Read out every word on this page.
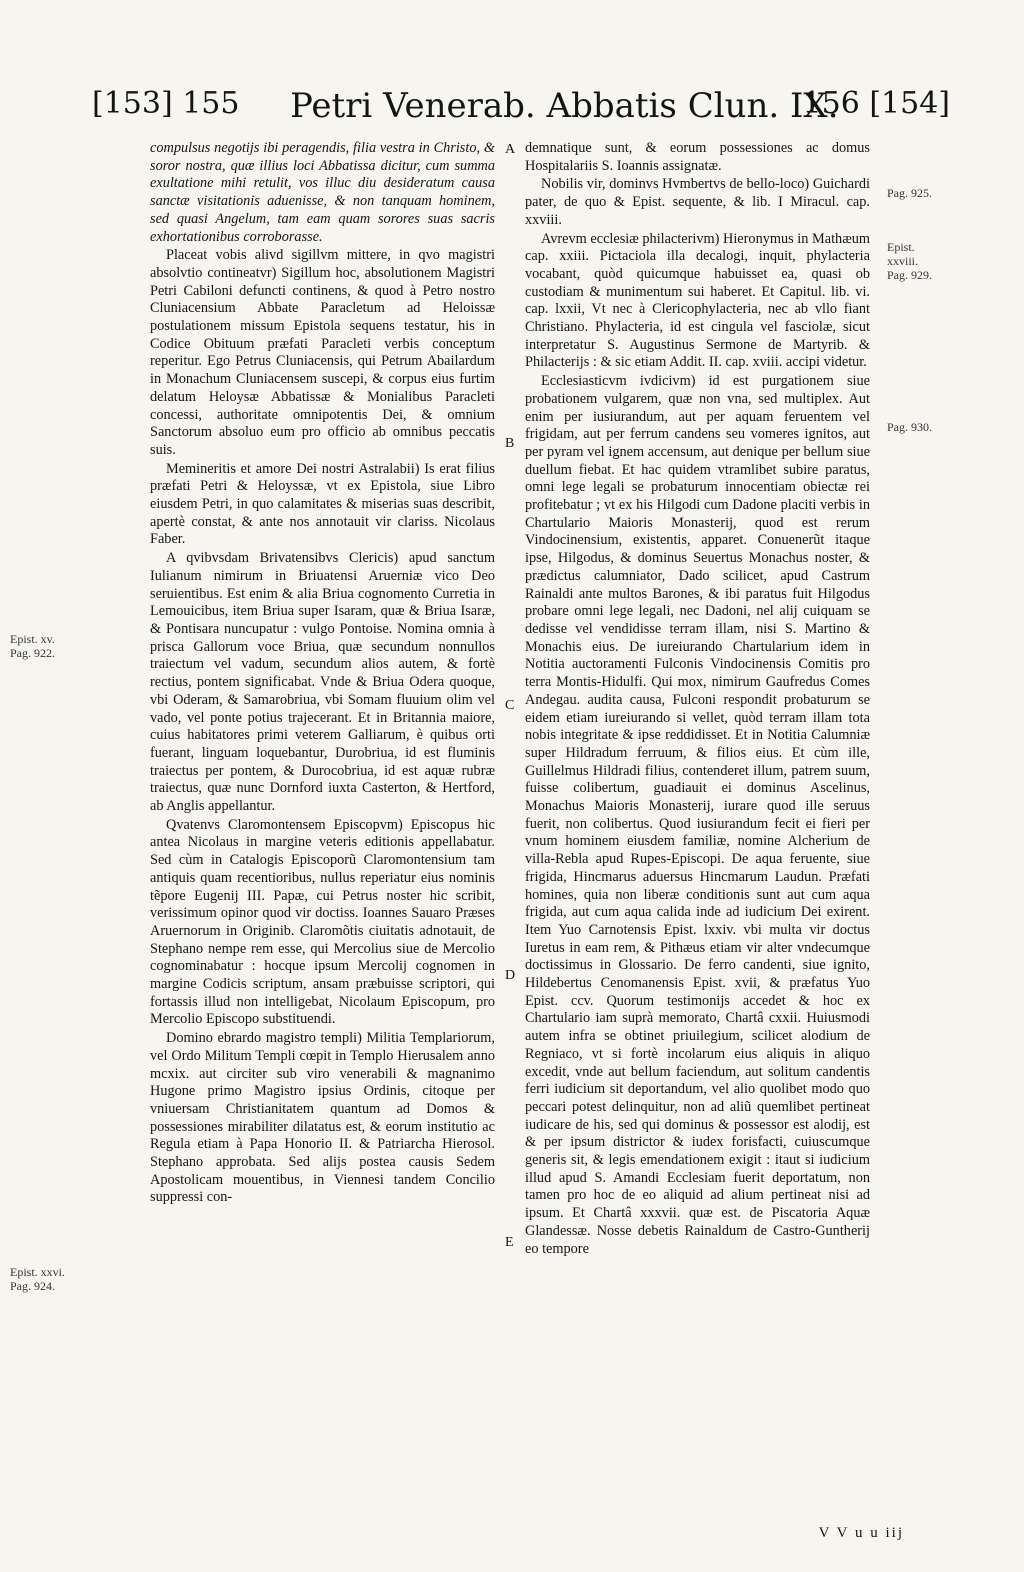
[153] 155 Petri Venerab. Abbatis Clun. IX.
156 [154]

compulsus negotijs ibi peragendis, filia vestra in Christo, & soror nostra, quæ illius loci Abbatissa dicitur, cum summa exultatione mihi retulit, vos illuc diu desideratum causa sanctæ visitationis aduenisse, & non tanquam hominem, sed quasi Angelum, tam eam quam sorores suas sacris exhortationibus corroborasse.

Placeat vobis alivd sigillvm mittere, in qvo magistri absolvtio continеatvr) Sigillum hoc, absolutionem Magistri Petri Cabiloni defuncti continens, & quod à Petro nostro Cluniacensium Abbate Paracletum ad Heloissæ postulationem missum Epistola sequens testatur, his in Codice Obituum præfati Paracleti verbis conceptum reperitur. Ego Petrus Cluniacensis, qui Petrum Abailardum in Monachum Cluniacensem suscepi, & corpus eius furtim delatum Heloysæ Abbatissæ & Monialibus Paracleti concessi, authoritate omnipotentis Dei, & omnium Sanctorum absoluo eum pro officio ab omnibus peccatis suis.

Memineritis et amore Dei nostri Astralabii) Is erat filius præfati Petri & Heloyssæ, vt ex Epistola, siue Libro eiusdem Petri, in quo calamitates & miserias suas describit, apertè constat, & ante nos annotauit vir clariss. Nicolaus Faber.

A qvibvsdam Brivatensibvs Clericis) apud sanctum Iulianum nimirum in Briuatensi Aruerniæ vico Deo seruientibus. Est enim & alia Briua cognomento Curretia in Lemouicibus, item Briua super Isaram, quæ & Briua Isaræ, & Pontisara nuncupatur : vulgo Pontoise. Nomina omnia à prisca Gallorum voce Briua, quæ secundum nonnullos traiectum vel vadum, secundum alios autem, & fortè rectius, pontem significabat. Vnde & Briua Odera quoque, vbi Oderam, & Samarobriua, vbi Somam fluuium olim vel vado, vel ponte potius trajecerant. Et in Britannia maiore, cuius habitatores primi veterem Galliarum, è quibus orti fuerant, linguam loquebantur, Durobriua, id est fluminis traiectus per pontem, & Durocobriua, id est aquæ rubræ traiectus, quæ nunc Dornford iuxta Casterton, & Hertford, ab Anglis appellantur.

Qvatenvs Claromontensem Episcopvm) Episcopus hic antea Nicolaus in margine veteris editionis appellabatur. Sed cùm in Catalogis Episcoporũ Claromontensium tam antiquis quam recentioribus, nullus reperiatur eius nominis tẽpore Eugenij III. Papæ, cui Petrus noster hic scribit, verissimum opinor quod vir doctiss. Ioannes Sauaro Præses Aruernorum in Originib. Claromõtis ciuitatis adnotauit, de Stephano nempe rem esse, qui Mercolius siue de Mercolio cognominabatur : hocque ipsum Mercolij cognomen in margine Codicis scriptum, ansam præbuisse scriptori, qui fortassis illud non intelligebat, Nicolaum Episcopum, pro Mercolio Episcopo substituendi.

Domino ebrardo magistro templi) Militia Templariorum, vel Ordo Militum Templi cœpit in Templo Hierusalem anno mcxix. aut circiter sub viro venerabili & magnanimo Hugone primo Magistro ipsius Ordinis, citoque per vniuersam Christianitatem quantum ad Domos & possessiones mirabiliter dilatatus est, & eorum institutio ac Regula etiam à Papa Honorio II. & Patriarcha Hierosol. Stephano approbata. Sed alijs postea causis Sedem Apostolicam mouentibus, in Viennesi tandem Concilio suppressi con-

demnatique sunt, & eorum possessiones ac domus Hospitalariis S. Ioannis assignatæ.

Nobilis vir, dominvs Hvmbertvs de bello-loco) Guichardi pater, de quo & Epist. sequente, & lib. I Miracul. cap. xxviii.

Avrevm ecclesiæ philacterivm) Hieronymus in Mathæum cap. xxiii. Pictaciola illa decalogi, inquit, phylacteria vocabant, quòd quicumque habuisset ea, quasi ob custodiam & munimentum sui haberet. Et Capitul. lib. vi. cap. lxxii, Vt nec à Clericophylacteria, nec ab vllo fiant Christiano. Phylacteria, id est cingula vel fasciolæ, sicut interpretatur S. Augustinus Sermone de Martyrib. & Philacterijs : & sic etiam Addit. II. cap. xviii. accipi videtur.

Ecclesiasticvm ivdicivm) id est purgationem siue probationem vulgarem, quæ non vna, sed multiplex. Aut enim per iusiurandum, aut per aquam feruentem vel frigidam, aut per ferrum candens seu vomeres ignitos, aut per pyram vel ignem accensum, aut denique per bellum siue duellum fiebat. Et hac quidem vtramlibet subire paratus, omni lege legali se probaturum innocentiam obiectæ rei profitebatur ; vt ex his Hilgodi cum Dadone placiti verbis in Chartulario Maioris Monasterij, quod est rerum Vindocinensium, existentis, apparet. Conuenerũt itaque ipse, Hilgodus, & dominus Seuertus Monachus noster, & prædictus calumniator, Dado scilicet, apud Castrum Rainaldi ante multos Barones, & ibi paratus fuit Hilgodus probare omni lege legali, nec Dadoni, nel alij cuiquam se dedisse vel vendidisse terram illam, nisi S. Martino & Monachis eius. De iureiurando Chartularium idem in Notitia auctoramenti Fulconis Vindocinensis Comitis pro terra Montis-Hidulfi. Qui mox, nimirum Gaufredus Comes Andegau. audita causa, Fulconi respondit probaturum se eidem etiam iureiurando si vellet, quòd terram illam tota nobis integritate & ipse reddidisset. Et in Notitia Calumniæ super Hildradum ferruum, & filios eius. Et cùm ille, Guillelmus Hildradi filius, contenderet illum, patrem suum, fuisse colibertum, guadiauit ei dominus Ascelinus, Monachus Maioris Monasterij, iurare quod ille seruus fuerit, non colibertus. Quod iusiurandum fecit ei fieri per vnum hominem eiusdem familiæ, nomine Alcherium de villa-Rebla apud Rupes-Episcopi. De aqua feruente, siue frigida, Hincmarus aduersus Hincmarum Laudun. Præfati homines, quia non liberæ conditionis sunt aut cum aqua frigida, aut cum aqua calida inde ad iudicium Dei exirent. Item Yuo Carnotensis Epist. lxxiv. vbi multa vir doctus Iuretus in eam rem, & Pithæus etiam vir alter vndecumque doctissimus in Glossario. De ferro candenti, siue ignito, Hildebertus Cenomanensis Epist. xvii, & præfatus Yuo Epist. ccv. Quorum testimonijs accedet & hoc ex Chartulario iam suprà memorato, Chartâ cxxii. Huiusmodi autem infra se obtinet priuilegium, scilicet alodium de Regniaco, vt si fortè incolarum eius aliquis in aliquo excedit, vnde aut bellum faciendum, aut solitum candentis ferri iudicium sit deportandum, vel alio quolibet modo quo peccari potest delinquitur, non ad aliũ quemlibet pertineat iudicare de his, sed qui dominus & possessor est alodij, est & per ipsum districtor & iudex forisfacti, cuiuscumque generis sit, & legis emendationem exigit : itaut si iudicium illud apud S. Amandi Ecclesiam fuerit deportatum, non tamen pro hoc de eo aliquid ad alium pertineat nisi ad ipsum. Et Chartâ xxxvii. quæ est. de Piscatoria Aquæ Glandessæ. Nosse debetis Rainaldum de Castro-Guntherij eo tempore

Epist. xv. Pag. 922.
Epist. xxvi. Pag. 924.
Pag. 925.
Epist. xxviii.
Pag. 929.
Pag. 930.
A
B
C
D
E
V V u u iij
